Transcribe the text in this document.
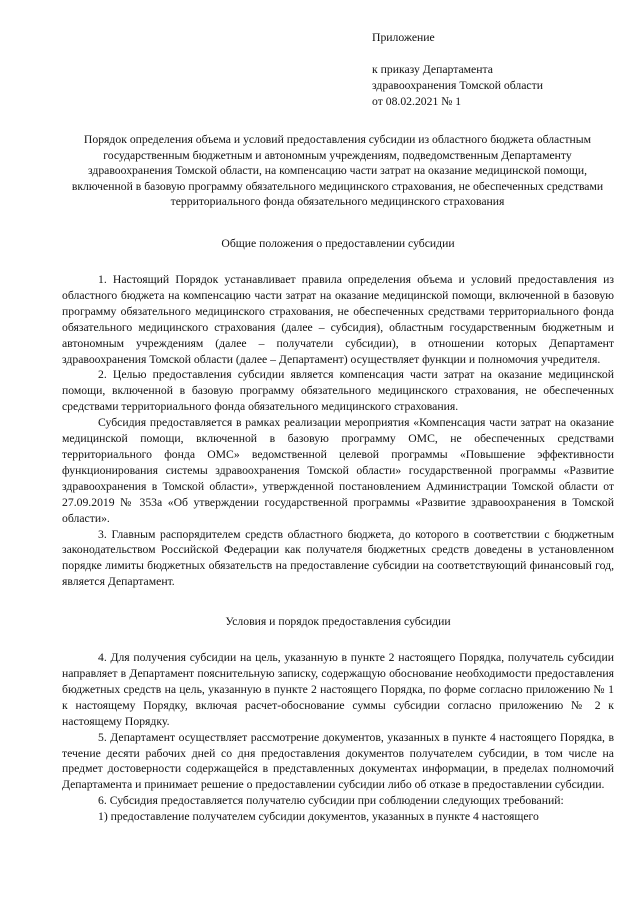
Приложение
к приказу Департамента
здравоохранения Томской области
от 08.02.2021 № 1
Порядок определения объема и условий предоставления субсидии из областного бюджета областным государственным бюджетным и автономным учреждениям, подведомственным Департаменту здравоохранения Томской области, на компенсацию части затрат на оказание медицинской помощи, включенной в базовую программу обязательного медицинского страхования, не обеспеченных средствами территориального фонда обязательного медицинского страхования

Общие положения о предоставлении субсидии

1. Настоящий Порядок устанавливает правила определения объема и условий предоставления из областного бюджета на компенсацию части затрат на оказание медицинской помощи, включенной в базовую программу обязательного медицинского страхования, не обеспеченных средствами территориального фонда обязательного медицинского страхования (далее – субсидия), областным государственным бюджетным и автономным учреждениям (далее – получатели субсидии), в отношении которых Департамент здравоохранения Томской области (далее – Департамент) осуществляет функции и полномочия учредителя.

2. Целью предоставления субсидии является компенсация части затрат на оказание медицинской помощи, включенной в базовую программу обязательного медицинского страхования, не обеспеченных средствами территориального фонда обязательного медицинского страхования.

Субсидия предоставляется в рамках реализации мероприятия «Компенсация части затрат на оказание медицинской помощи, включенной в базовую программу ОМС, не обеспеченных средствами территориального фонда ОМС» ведомственной целевой программы «Повышение эффективности функционирования системы здравоохранения Томской области» государственной программы «Развитие здравоохранения в Томской области», утвержденной постановлением Администрации Томской области от 27.09.2019 № 353а «Об утверждении государственной программы «Развитие здравоохранения в Томской области».

3. Главным распорядителем средств областного бюджета, до которого в соответствии с бюджетным законодательством Российской Федерации как получателя бюджетных средств доведены в установленном порядке лимиты бюджетных обязательств на предоставление субсидии на соответствующий финансовый год, является Департамент.

Условия и порядок предоставления субсидии

4. Для получения субсидии на цель, указанную в пункте 2 настоящего Порядка, получатель субсидии направляет в Департамент пояснительную записку, содержащую обоснование необходимости предоставления бюджетных средств на цель, указанную в пункте 2 настоящего Порядка, по форме согласно приложению № 1 к настоящему Порядку, включая расчет-обоснование суммы субсидии согласно приложению № 2 к настоящему Порядку.

5. Департамент осуществляет рассмотрение документов, указанных в пункте 4 настоящего Порядка, в течение десяти рабочих дней со дня предоставления документов получателем субсидии, в том числе на предмет достоверности содержащейся в представленных документах информации, в пределах полномочий Департамента и принимает решение о предоставлении субсидии либо об отказе в предоставлении субсидии.

6. Субсидия предоставляется получателю субсидии при соблюдении следующих требований:

1) предоставление получателем субсидии документов, указанных в пункте 4 настоящего
